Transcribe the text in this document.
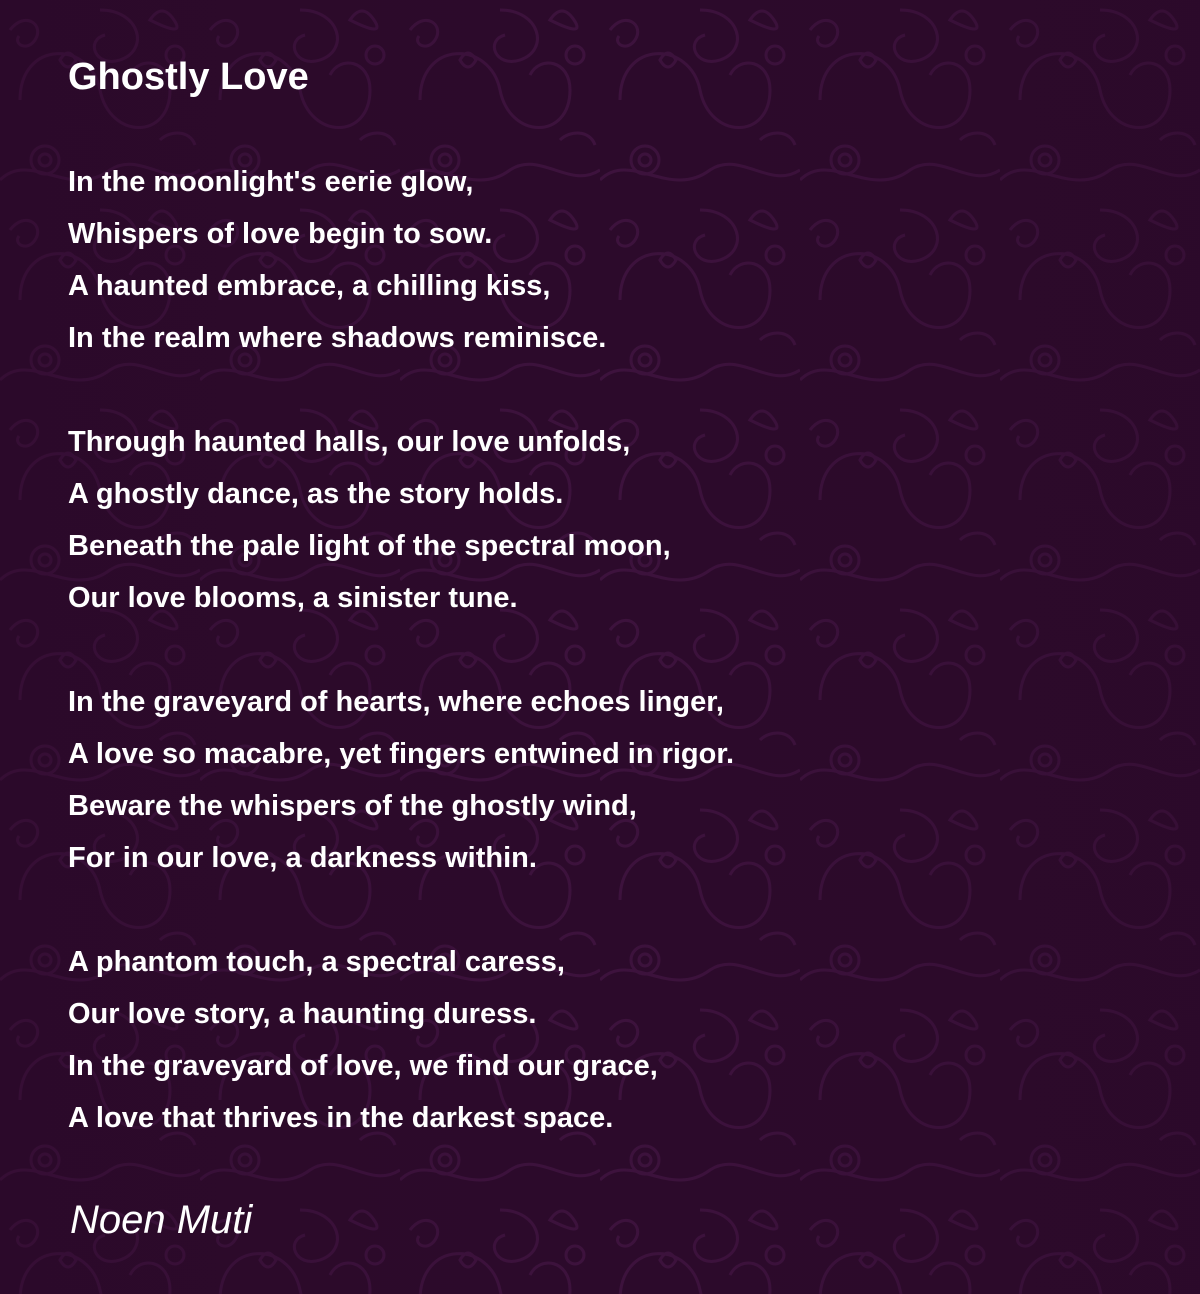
Ghostly Love
In the moonlight's eerie glow,
Whispers of love begin to sow.
A haunted embrace, a chilling kiss,
In the realm where shadows reminisce.
Through haunted halls, our love unfolds,
A ghostly dance, as the story holds.
Beneath the pale light of the spectral moon,
Our love blooms, a sinister tune.
In the graveyard of hearts, where echoes linger,
A love so macabre, yet fingers entwined in rigor.
Beware the whispers of the ghostly wind,
For in our love, a darkness within.
A phantom touch, a spectral caress,
Our love story, a haunting duress.
In the graveyard of love, we find our grace,
A love that thrives in the darkest space.
Noen Muti
